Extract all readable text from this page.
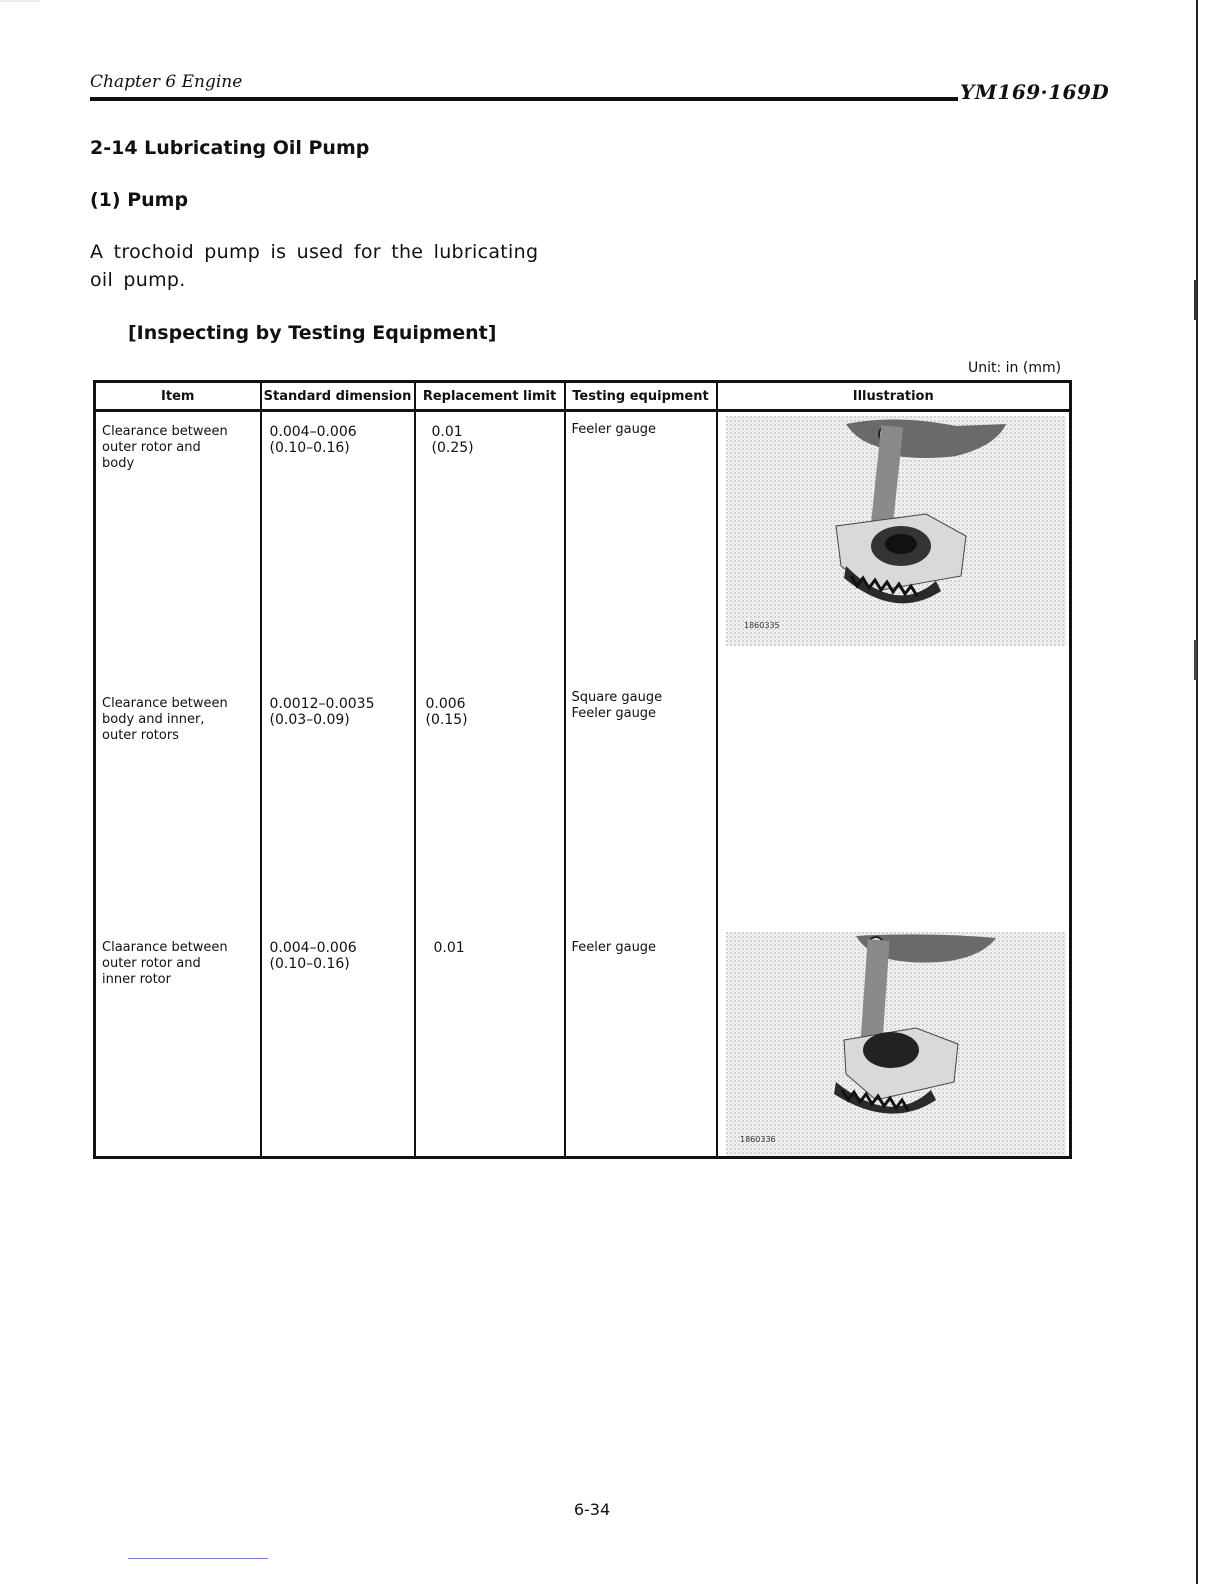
Chapter 6 Engine	YM169·169D
2-14 Lubricating Oil Pump
(1) Pump
A trochoid pump is used for the lubricating oil pump.
[Inspecting by Testing Equipment]
Unit: in (mm)
Item	Standard dimension	Replacement limit	Testing equipment	Illustration

Clearance between
outer rotor and
body	0.004–0.006
(0.10–0.16)	0.01
(0.25)	Feeler gauge	1860335

Clearance between
body and inner,
outer rotors	0.0012–0.0035
(0.03–0.09)	0.006
(0.15)	Square gauge
Feeler gauge	

Claarance between
outer rotor and
inner rotor	0.004–0.006
(0.10–0.16)	0.01	Feeler gauge	1860336
6-34
